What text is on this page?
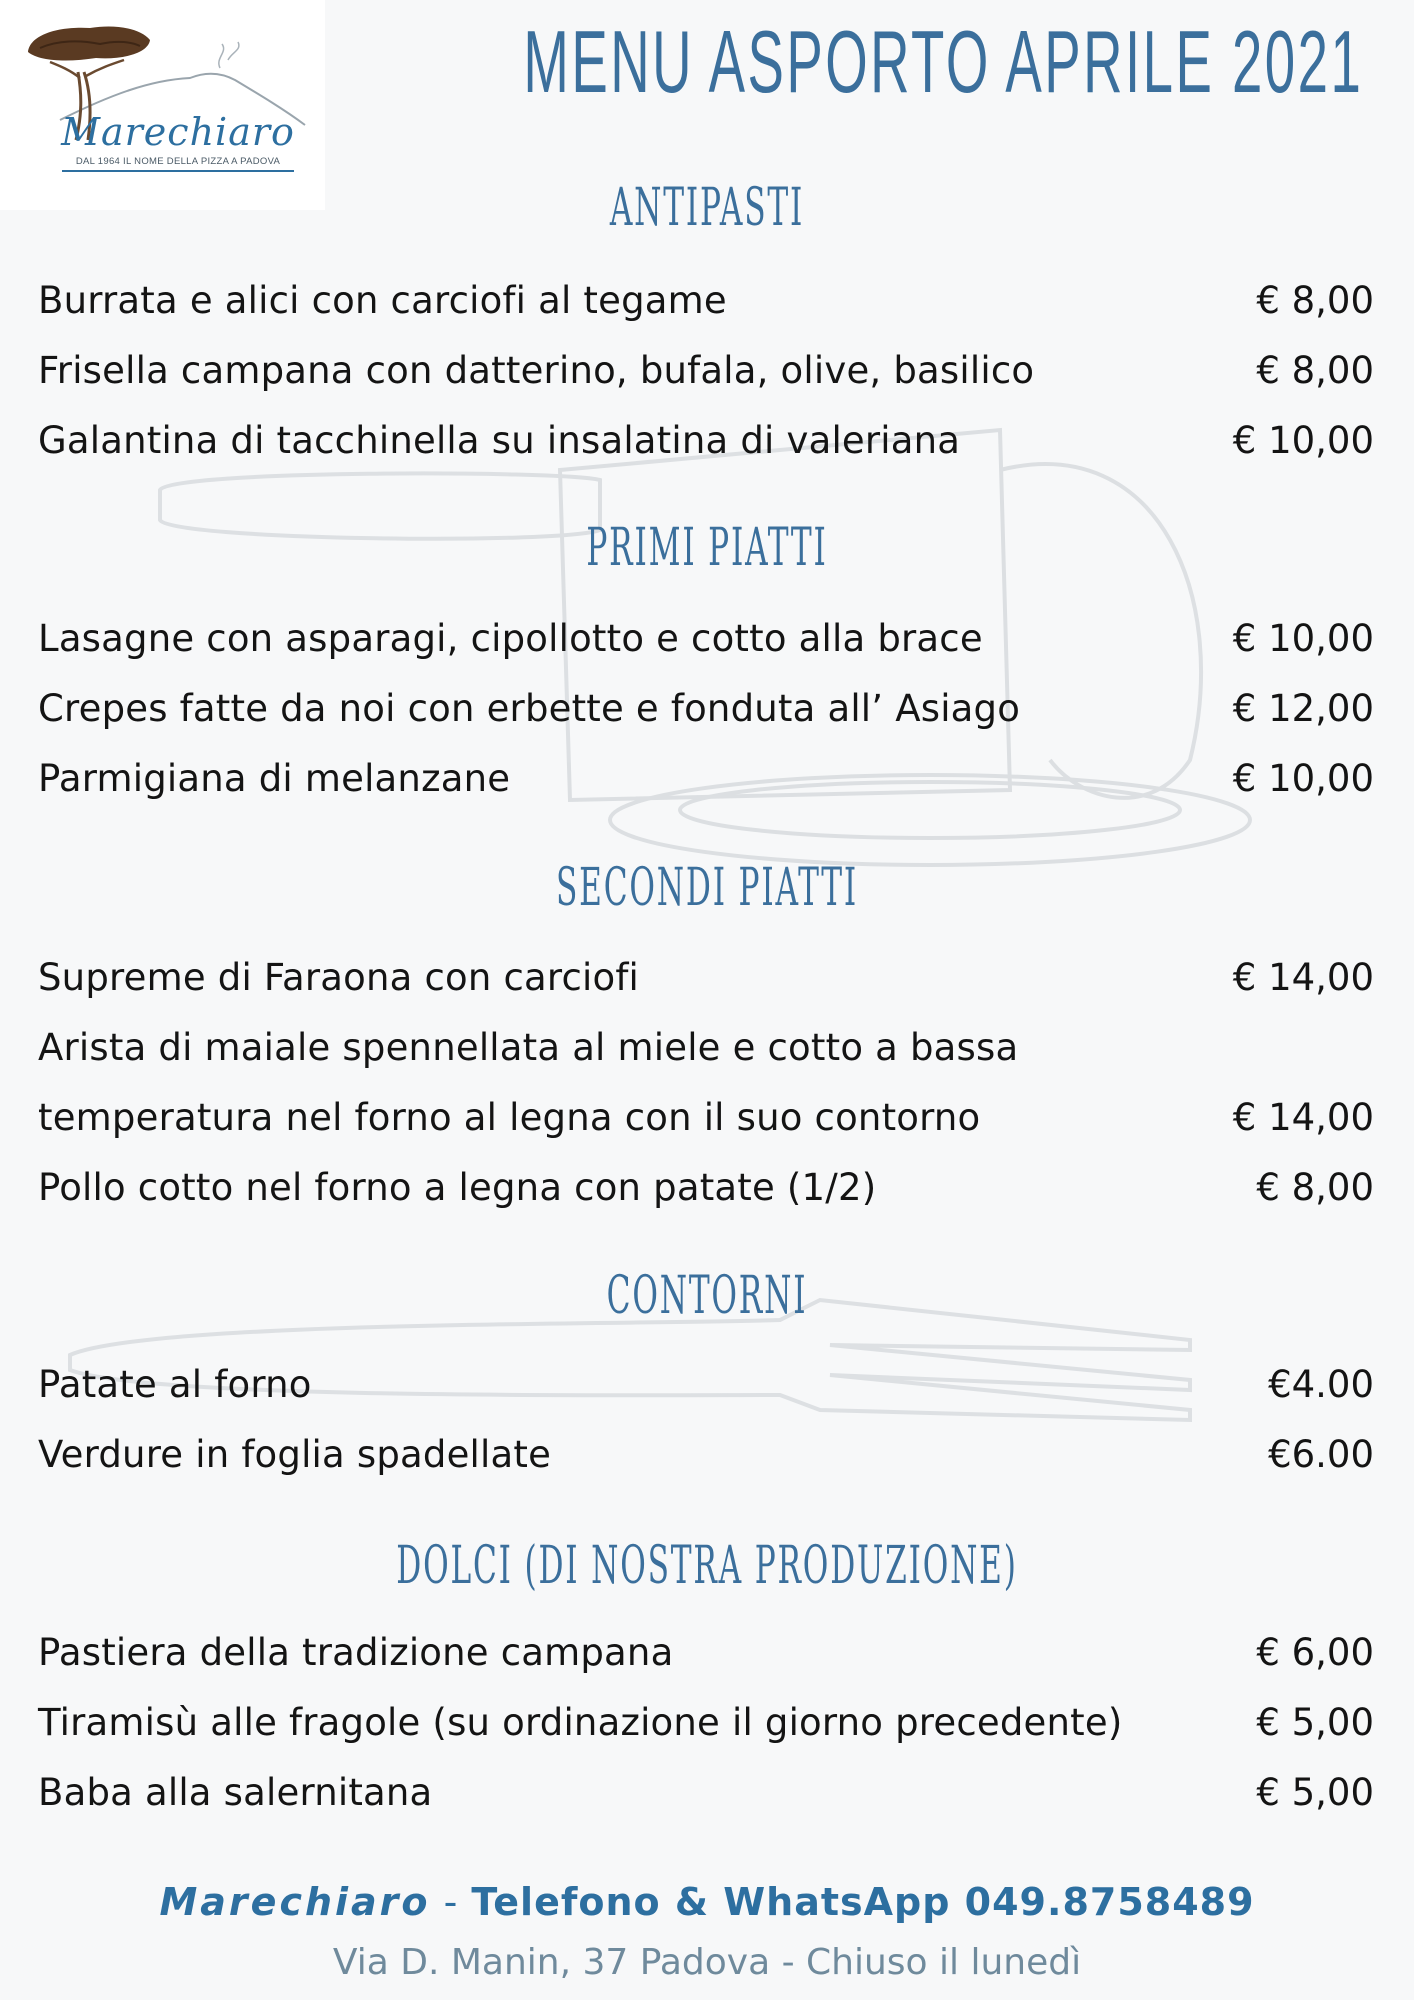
Marechiaro
DAL 1964 IL NOME DELLA PIZZA A PADOVA
MENU ASPORTO APRILE 2021
ANTIPASTI
Burrata e alici con carciofi al tegame	€ 8,00
Frisella campana con datterino, bufala, olive, basilico	€ 8,00
Galantina di tacchinella su insalatina di valeriana	€ 10,00
PRIMI PIATTI
Lasagne con asparagi, cipollotto e cotto alla brace	€ 10,00
Crepes fatte da noi con erbette e fonduta all’ Asiago	€ 12,00
Parmigiana di melanzane	€ 10,00
SECONDI PIATTI
Supreme di Faraona con carciofi	€ 14,00
Arista di maiale spennellata al miele e cotto a bassa
temperatura nel forno al legna con il suo contorno	€ 14,00
Pollo cotto nel forno a legna con patate (1/2)	€ 8,00
CONTORNI
Patate al forno	€4.00
Verdure in foglia spadellate	€6.00
DOLCI (DI NOSTRA PRODUZIONE)
Pastiera della tradizione campana	€ 6,00
Tiramisù alle fragole (su ordinazione il giorno precedente)	€ 5,00
Baba alla salernitana	€ 5,00
Marechiaro - Telefono & WhatsApp 049.8758489
Via D. Manin, 37 Padova - Chiuso il lunedì
